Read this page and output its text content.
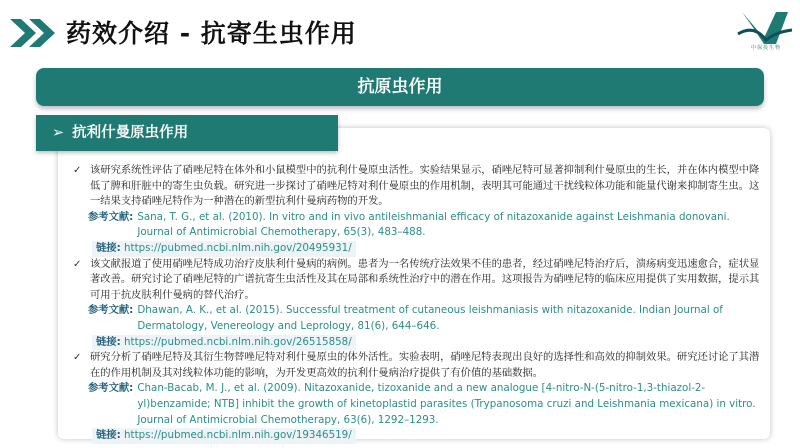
药效介绍 - 抗寄生虫作用	中保投生物
抗原虫作用
➢ 抗利什曼原虫作用
✓ 该研究系统性评估了硝唑尼特在体外和小鼠模型中的抗利什曼原虫活性。实验结果显示，硝唑尼特可显著抑制利什曼原虫的生长，并在体内模型中降低了脾和肝脏中的寄生虫负载。研究进一步探讨了硝唑尼特对利什曼原虫的作用机制，表明其可能通过干扰线粒体功能和能量代谢来抑制寄生虫。这一结果支持硝唑尼特作为一种潜在的新型抗利什曼病药物的开发。
参考文献: Sana, T. G., et al. (2010). In vitro and in vivo antileishmanial efficacy of nitazoxanide against Leishmania donovani. Journal of Antimicrobial Chemotherapy, 65(3), 483–488.
链接: https://pubmed.ncbi.nlm.nih.gov/20495931/
✓ 该文献报道了使用硝唑尼特成功治疗皮肤利什曼病的病例。患者为一名传统疗法效果不佳的患者，经过硝唑尼特治疗后，溃疡病变迅速愈合，症状显著改善。研究讨论了硝唑尼特的广谱抗寄生虫活性及其在局部和系统性治疗中的潜在作用。这项报告为硝唑尼特的临床应用提供了实用数据，提示其可用于抗皮肤利什曼病的替代治疗。
参考文献: Dhawan, A. K., et al. (2015). Successful treatment of cutaneous leishmaniasis with nitazoxanide. Indian Journal of Dermatology, Venereology and Leprology, 81(6), 644–646.
链接: https://pubmed.ncbi.nlm.nih.gov/26515858/
✓ 研究分析了硝唑尼特及其衍生物替唑尼特对利什曼原虫的体外活性。实验表明，硝唑尼特表现出良好的选择性和高效的抑制效果。研究还讨论了其潜在的作用机制及其对线粒体功能的影响，为开发更高效的抗利什曼病治疗提供了有价值的基础数据。
参考文献: Chan-Bacab, M. J., et al. (2009). Nitazoxanide, tizoxanide and a new analogue [4-nitro-N-(5-nitro-1,3-thiazol-2-yl)benzamide; NTB] inhibit the growth of kinetoplastid parasites (Trypanosoma cruzi and Leishmania mexicana) in vitro. Journal of Antimicrobial Chemotherapy, 63(6), 1292–1293.
链接: https://pubmed.ncbi.nlm.nih.gov/19346519/
